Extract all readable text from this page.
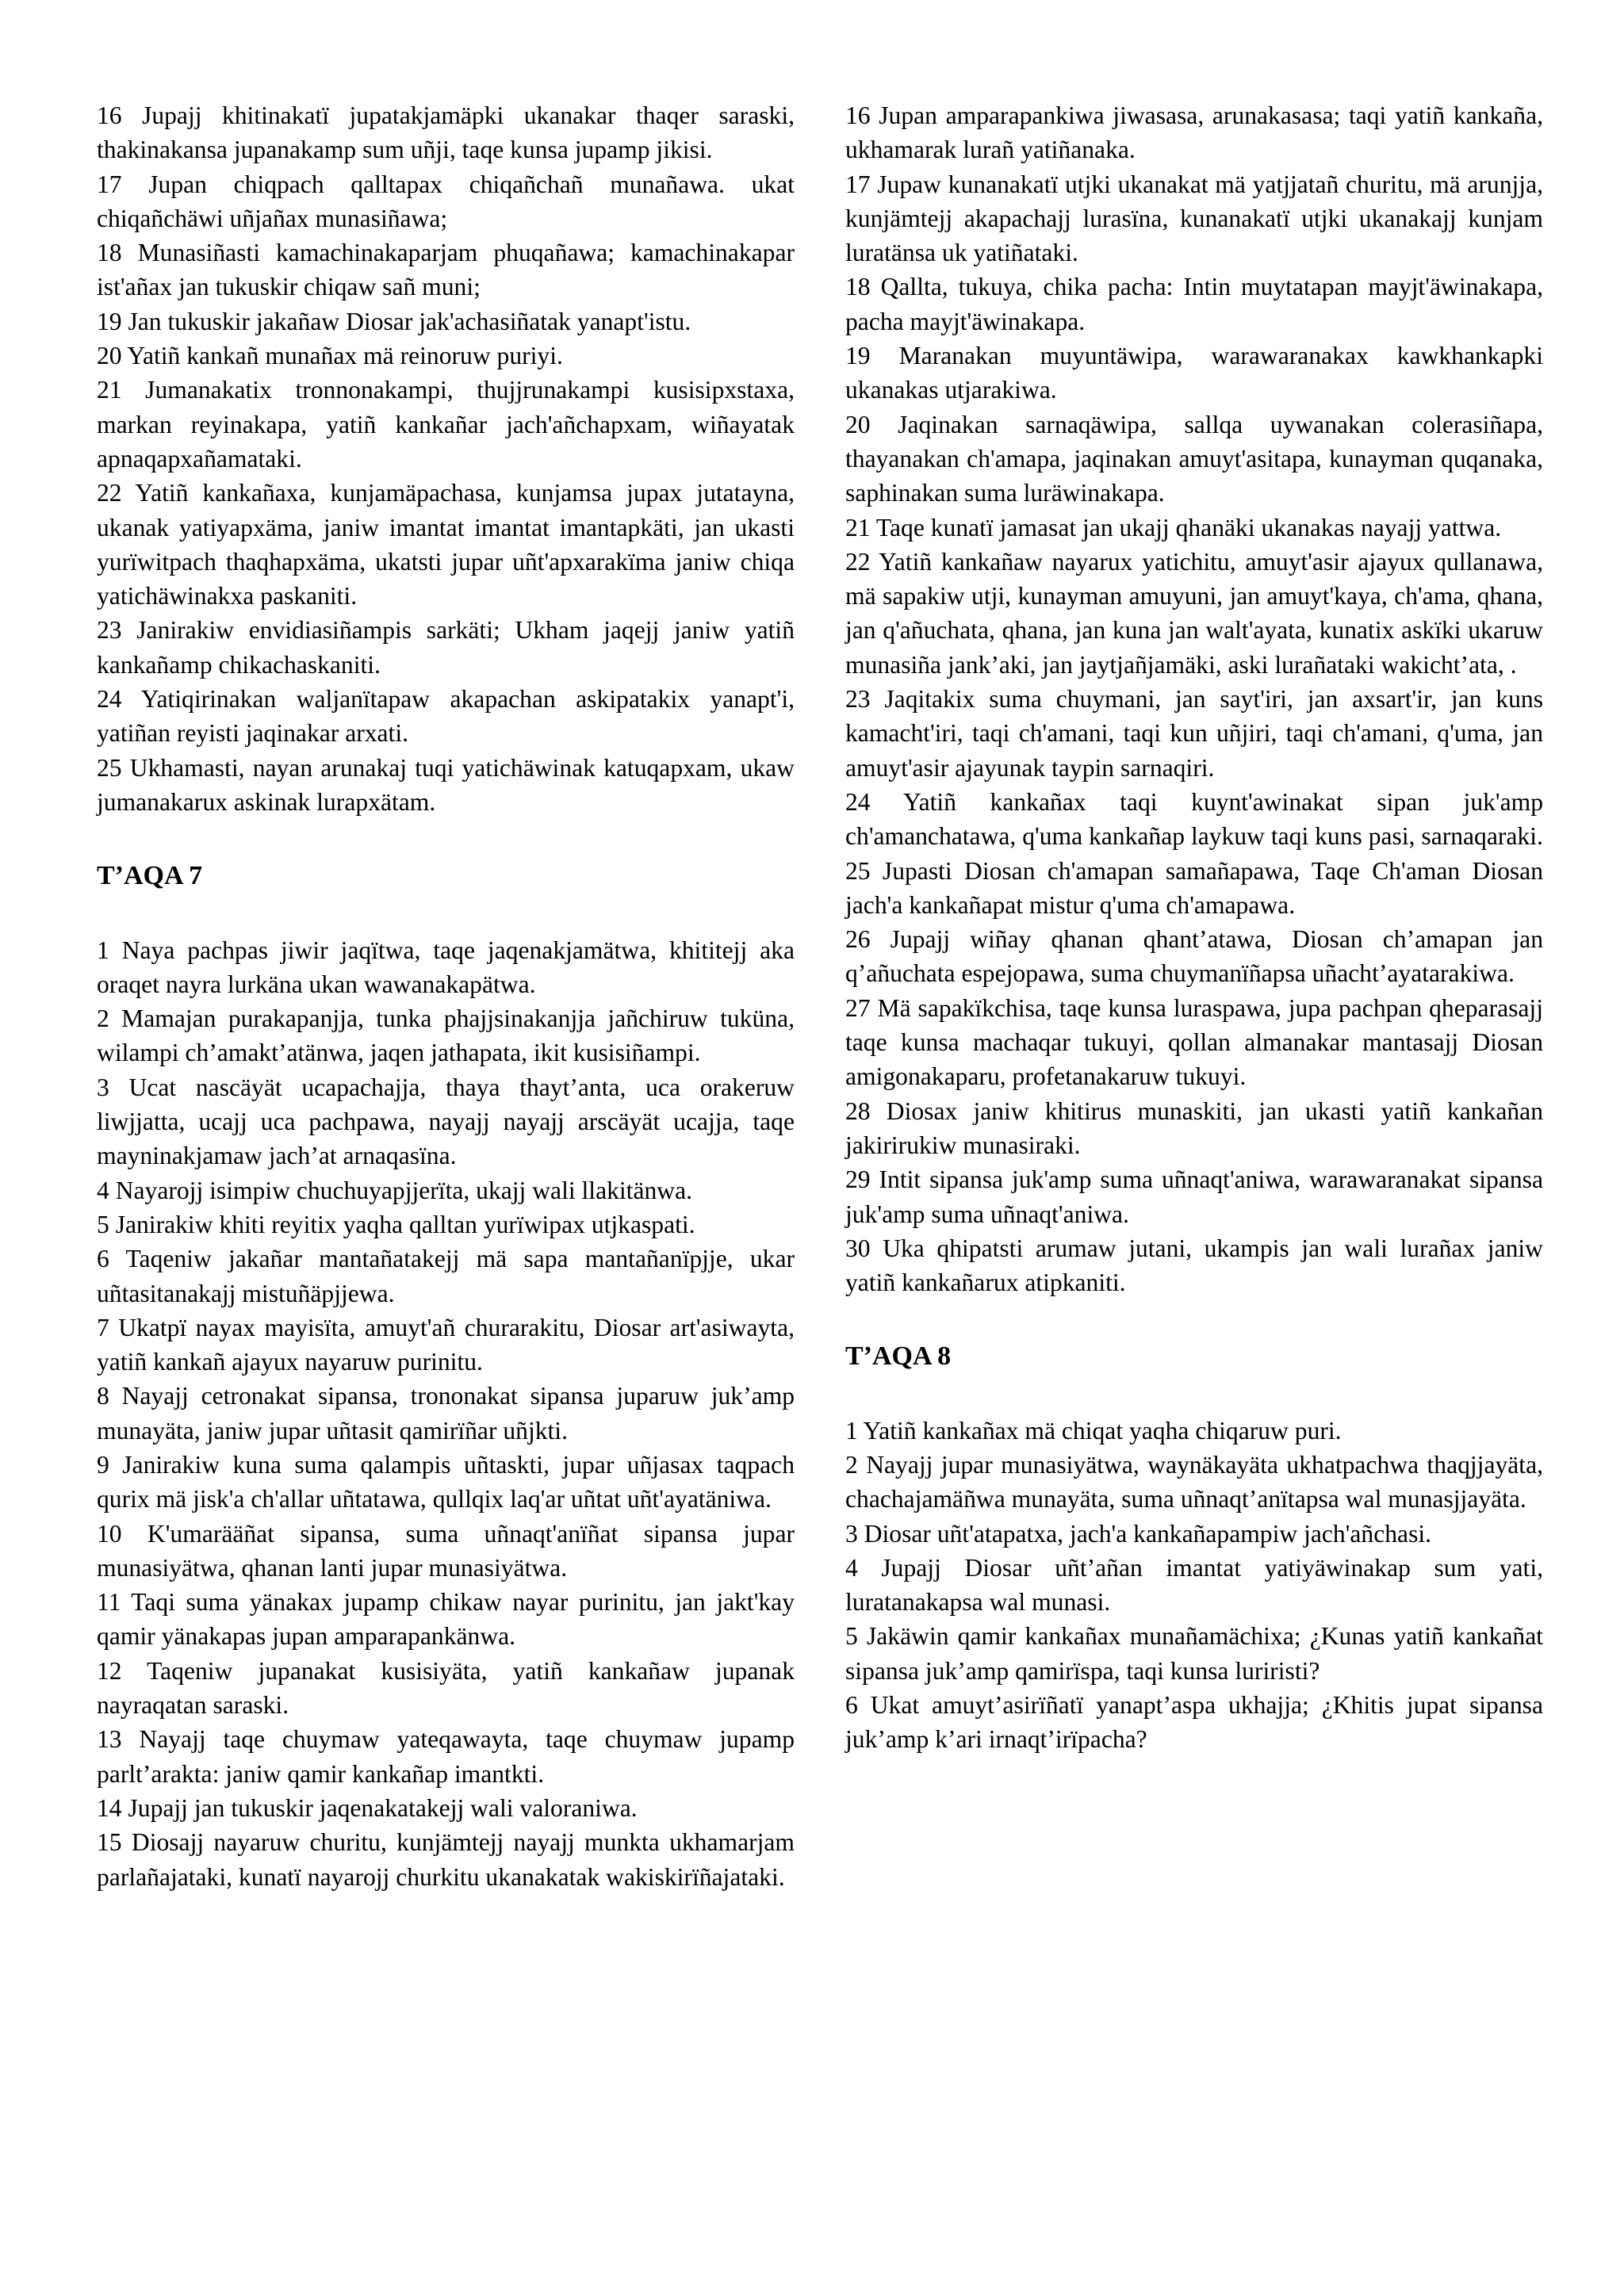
16 Jupajj khitinakatï jupatakjamäpki ukanakar thaqer saraski, thakinakansa jupanakamp sum uñji, taqe kunsa jupamp jikisi.

17 Jupan chiqpach qalltapax chiqañchañ munañawa. ukat chiqañchäwi uñjañax munasiñawa;

18 Munasiñasti kamachinakaparjam phuqañawa; kamachinakapar ist'añax jan tukuskir chiqaw sañ muni;

19 Jan tukuskir jakañaw Diosar jak'achasiñatak yanapt'istu.

20 Yatiñ kankañ munañax mä reinoruw puriyi.

21 Jumanakatix tronnonakampi, thujjrunakampi kusisipxstaxa, markan reyinakapa, yatiñ kankañar jach'añchapxam, wiñayatak apnaqapxañamataki.

22 Yatiñ kankañaxa, kunjamäpachasa, kunjamsa jupax jutatayna, ukanak yatiyapxäma, janiw imantat imantat imantapkäti, jan ukasti yurïwitpach thaqhapxäma, ukatsti jupar uñt'apxarakïma janiw chiqa yatichäwinakxa paskaniti.

23 Janirakiw envidiasiñampis sarkäti; Ukham jaqejj janiw yatiñ kankañamp chikachaskaniti.

24 Yatiqirinakan waljanïtapaw akapachan askipatakix yanapt'i, yatiñan reyisti jaqinakar arxati.

25 Ukhamasti, nayan arunakaj tuqi yatichäwinak katuqapxam, ukaw jumanakarux askinak lurapxätam.

T’AQA 7

1 Naya pachpas jiwir jaqïtwa, taqe jaqenakjamätwa, khititejj aka oraqet nayra lurkäna ukan wawanakapätwa.

2 Mamajan purakapanjja, tunka phajjsinakanjja jañchiruw tuküna, wilampi ch’amakt’atänwa, jaqen jathapata, ikit kusisiñampi.

3 Ucat nascäyät ucapachajja, thaya thayt’anta, uca orakeruw liwjjatta, ucajj uca pachpawa, nayajj nayajj arscäyät ucajja, taqe mayninakjamaw jach’at arnaqasïna.

4 Nayarojj isimpiw chuchuyapjjerïta, ukajj wali llakitänwa.

5 Janirakiw khiti reyitix yaqha qalltan yurïwipax utjkaspati.

6 Taqeniw jakañar mantañatakejj mä sapa mantañanïpjje, ukar uñtasitanakajj mistuñäpjjewa.

7 Ukatpï nayax mayisïta, amuyt'añ churarakitu, Diosar art'asiwayta, yatiñ kankañ ajayux nayaruw purinitu.

8 Nayajj cetronakat sipansa, trononakat sipansa juparuw juk’amp munayäta, janiw jupar uñtasit qamirïñar uñjkti.

9 Janirakiw kuna suma qalampis uñtaskti, jupar uñjasax taqpach qurix mä jisk'a ch'allar uñtatawa, qullqix laq'ar uñtat uñt'ayatäniwa.

10 K'umarääñat sipansa, suma uñnaqt'anïñat sipansa jupar munasiyätwa, qhanan lanti jupar munasiyätwa.

11 Taqi suma yänakax jupamp chikaw nayar purinitu, jan jakt'kay qamir yänakapas jupan amparapankänwa.

12 Taqeniw jupanakat kusisiyäta, yatiñ kankañaw jupanak nayraqatan saraski.

13 Nayajj taqe chuymaw yateqawayta, taqe chuymaw jupamp parlt’arakta: janiw qamir kankañap imantkti.

14 Jupajj jan tukuskir jaqenakatakejj wali valoraniwa.

15 Diosajj nayaruw churitu, kunjämtejj nayajj munkta ukhamarjam parlañajataki, kunatï nayarojj churkitu ukanakatak wakiskirïñajataki.

16 Jupan amparapankiwa jiwasasa, arunakasasa; taqi yatiñ kankaña, ukhamarak lurañ yatiñanaka.

17 Jupaw kunanakatï utjki ukanakat mä yatjjatañ churitu, mä arunjja, kunjämtejj akapachajj lurasïna, kunanakatï utjki ukanakajj kunjam luratänsa uk yatiñataki.

18 Qallta, tukuya, chika pacha: Intin muytatapan mayjt'äwinakapa, pacha mayjt'äwinakapa.

19 Maranakan muyuntäwipa, warawaranakax kawkhankapki ukanakas utjarakiwa.

20 Jaqinakan sarnaqäwipa, sallqa uywanakan colerasiñapa, thayanakan ch'amapa, jaqinakan amuyt'asitapa, kunayman quqanaka, saphinakan suma luräwinakapa.

21 Taqe kunatï jamasat jan ukajj qhanäki ukanakas nayajj yattwa.

22 Yatiñ kankañaw nayarux yatichitu, amuyt'asir ajayux qullanawa, mä sapakiw utji, kunayman amuyuni, jan amuyt'kaya, ch'ama, qhana, jan q'añuchata, qhana, jan kuna jan walt'ayata, kunatix askïki ukaruw munasiña jank’aki, jan jaytjañjamäki, aski lurañataki wakicht’ata, .

23 Jaqitakix suma chuymani, jan sayt'iri, jan axsart'ir, jan kuns kamacht'iri, taqi ch'amani, taqi kun uñjiri, taqi ch'amani, q'uma, jan amuyt'asir ajayunak taypin sarnaqiri.

24 Yatiñ kankañax taqi kuynt'awinakat sipan juk'amp ch'amanchatawa, q'uma kankañap laykuw taqi kuns pasi, sarnaqaraki.

25 Jupasti Diosan ch'amapan samañapawa, Taqe Ch'aman Diosan jach'a kankañapat mistur q'uma ch'amapawa.

26 Jupajj wiñay qhanan qhant’atawa, Diosan ch’amapan jan q’añuchata espejopawa, suma chuymanïñapsa uñacht’ayatarakiwa.

27 Mä sapakïkchisa, taqe kunsa luraspawa, jupa pachpan qheparasajj taqe kunsa machaqar tukuyi, qollan almanakar mantasajj Diosan amigonakaparu, profetanakaruw tukuyi.

28 Diosax janiw khitirus munaskiti, jan ukasti yatiñ kankañan jakirirukiw munasiraki.

29 Intit sipansa juk'amp suma uñnaqt'aniwa, warawaranakat sipansa juk'amp suma uñnaqt'aniwa.

30 Uka qhipatsti arumaw jutani, ukampis jan wali lurañax janiw yatiñ kankañarux atipkaniti.

T’AQA 8

1 Yatiñ kankañax mä chiqat yaqha chiqaruw puri.

2 Nayajj jupar munasiyätwa, waynäkayäta ukhatpachwa thaqjjayäta, chachajamäñwa munayäta, suma uñnaqt’anïtapsa wal munasjjayäta.

3 Diosar uñt'atapatxa, jach'a kankañapampiw jach'añchasi.

4 Jupajj Diosar uñt’añan imantat yatiyäwinakap sum yati, luratanakapsa wal munasi.

5 Jakäwin qamir kankañax munañamächixa; ¿Kunas yatiñ kankañat sipansa juk’amp qamirïspa, taqi kunsa luriristi?

6 Ukat amuyt’asirïñatï yanapt’aspa ukhajja; ¿Khitis jupat sipansa juk’amp k’ari irnaqt’irïpacha?
